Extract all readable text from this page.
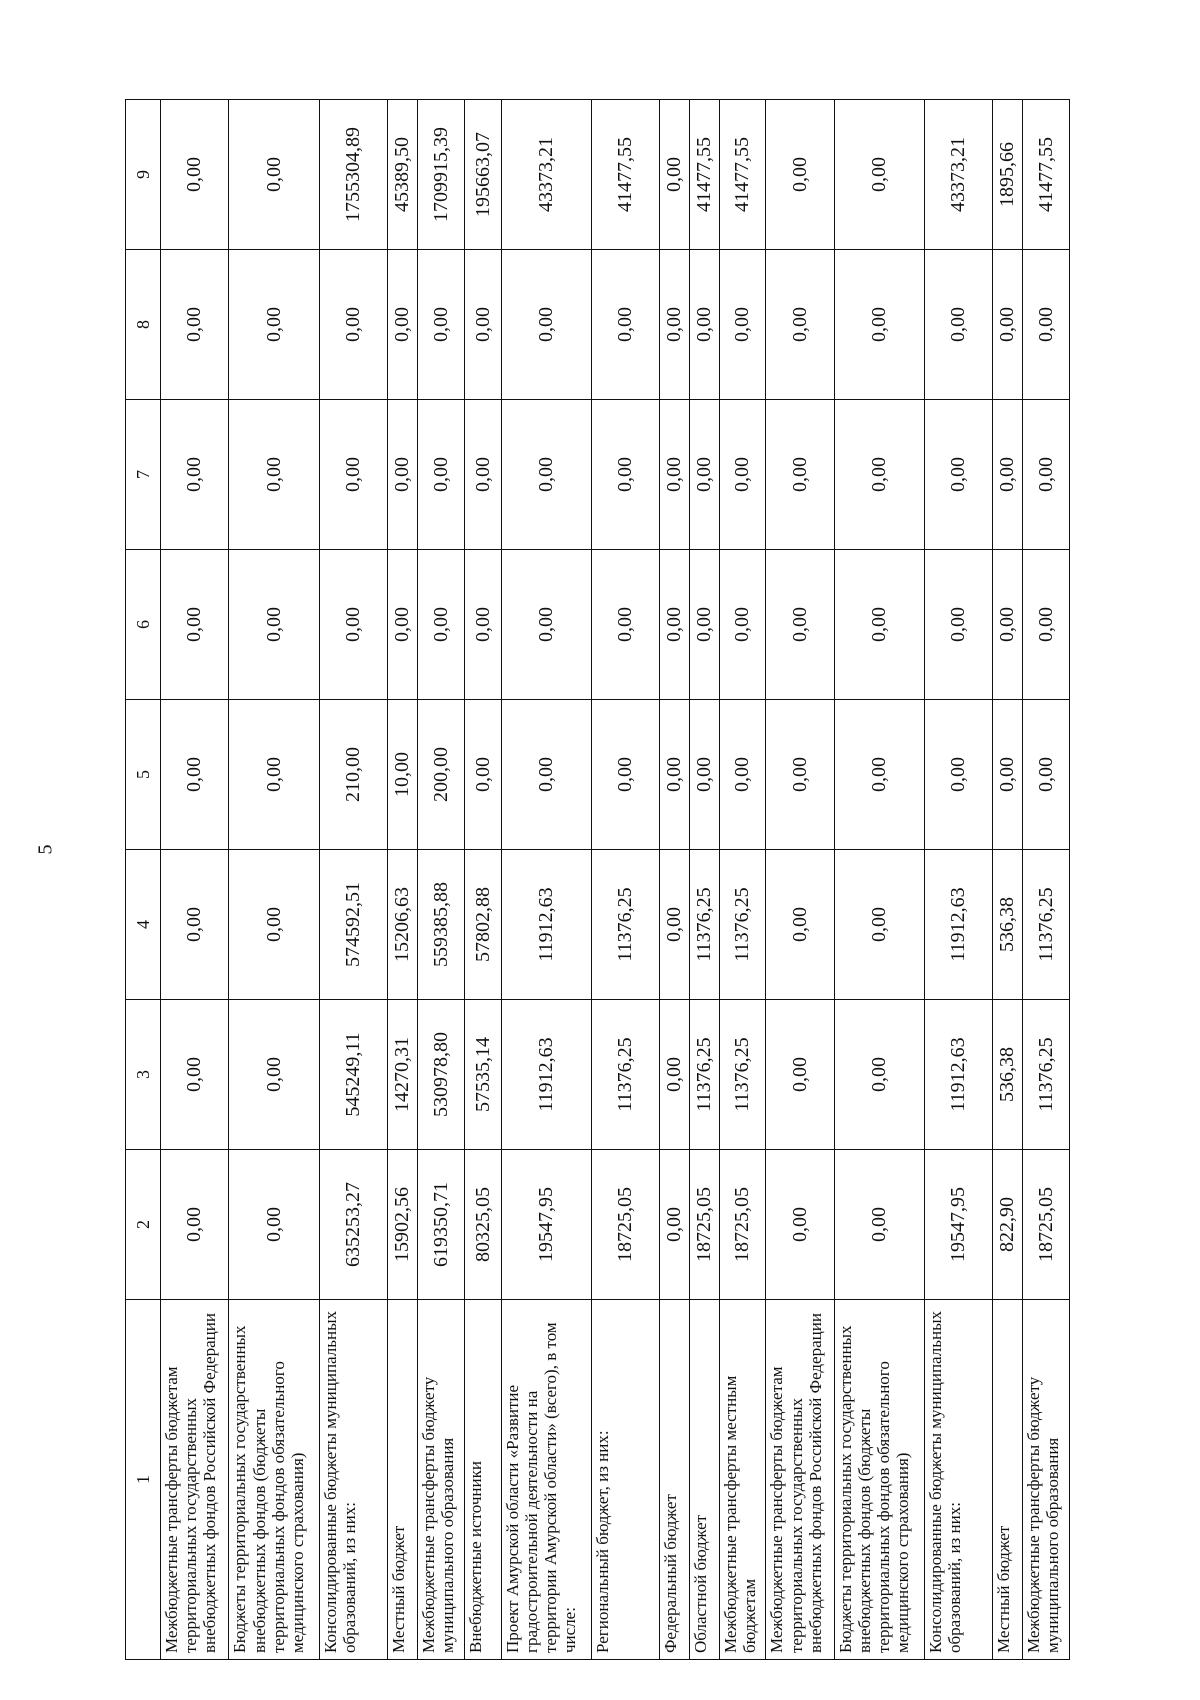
5
1	2	3	4	5	6	7	8	9
Межбюджетные трансферты бюджетам территориальных государственных внебюджетных фондов Российской Федерации	0,00	0,00	0,00	0,00	0,00	0,00	0,00	0,00
Бюджеты территориальных государственных внебюджетных фондов (бюджеты территориальных фондов обязательного медицинского страхования)	0,00	0,00	0,00	0,00	0,00	0,00	0,00	0,00
Консолидированные бюджеты муниципальных образований, из них:	635253,27	545249,11	574592,51	210,00	0,00	0,00	0,00	1755304,89
Местный бюджет	15902,56	14270,31	15206,63	10,00	0,00	0,00	0,00	45389,50
Межбюджетные трансферты бюджету муниципального образования	619350,71	530978,80	559385,88	200,00	0,00	0,00	0,00	1709915,39
Внебюджетные источники	80325,05	57535,14	57802,88	0,00	0,00	0,00	0,00	195663,07
Проект Амурской области «Развитие градостроительной деятельности на территории Амурской области» (всего), в том числе:	19547,95	11912,63	11912,63	0,00	0,00	0,00	0,00	43373,21
Региональный бюджет, из них:	18725,05	11376,25	11376,25	0,00	0,00	0,00	0,00	41477,55
Федеральный бюджет	0,00	0,00	0,00	0,00	0,00	0,00	0,00	0,00
Областной бюджет	18725,05	11376,25	11376,25	0,00	0,00	0,00	0,00	41477,55
Межбюджетные трансферты местным бюджетам	18725,05	11376,25	11376,25	0,00	0,00	0,00	0,00	41477,55
Межбюджетные трансферты бюджетам территориальных государственных внебюджетных фондов Российской Федерации	0,00	0,00	0,00	0,00	0,00	0,00	0,00	0,00
Бюджеты территориальных государственных внебюджетных фондов (бюджеты территориальных фондов обязательного медицинского страхования)	0,00	0,00	0,00	0,00	0,00	0,00	0,00	0,00
Консолидированные бюджеты муниципальных образований, из них:	19547,95	11912,63	11912,63	0,00	0,00	0,00	0,00	43373,21
Местный бюджет	822,90	536,38	536,38	0,00	0,00	0,00	0,00	1895,66
Межбюджетные трансферты бюджету муниципального образования	18725,05	11376,25	11376,25	0,00	0,00	0,00	0,00	41477,55
